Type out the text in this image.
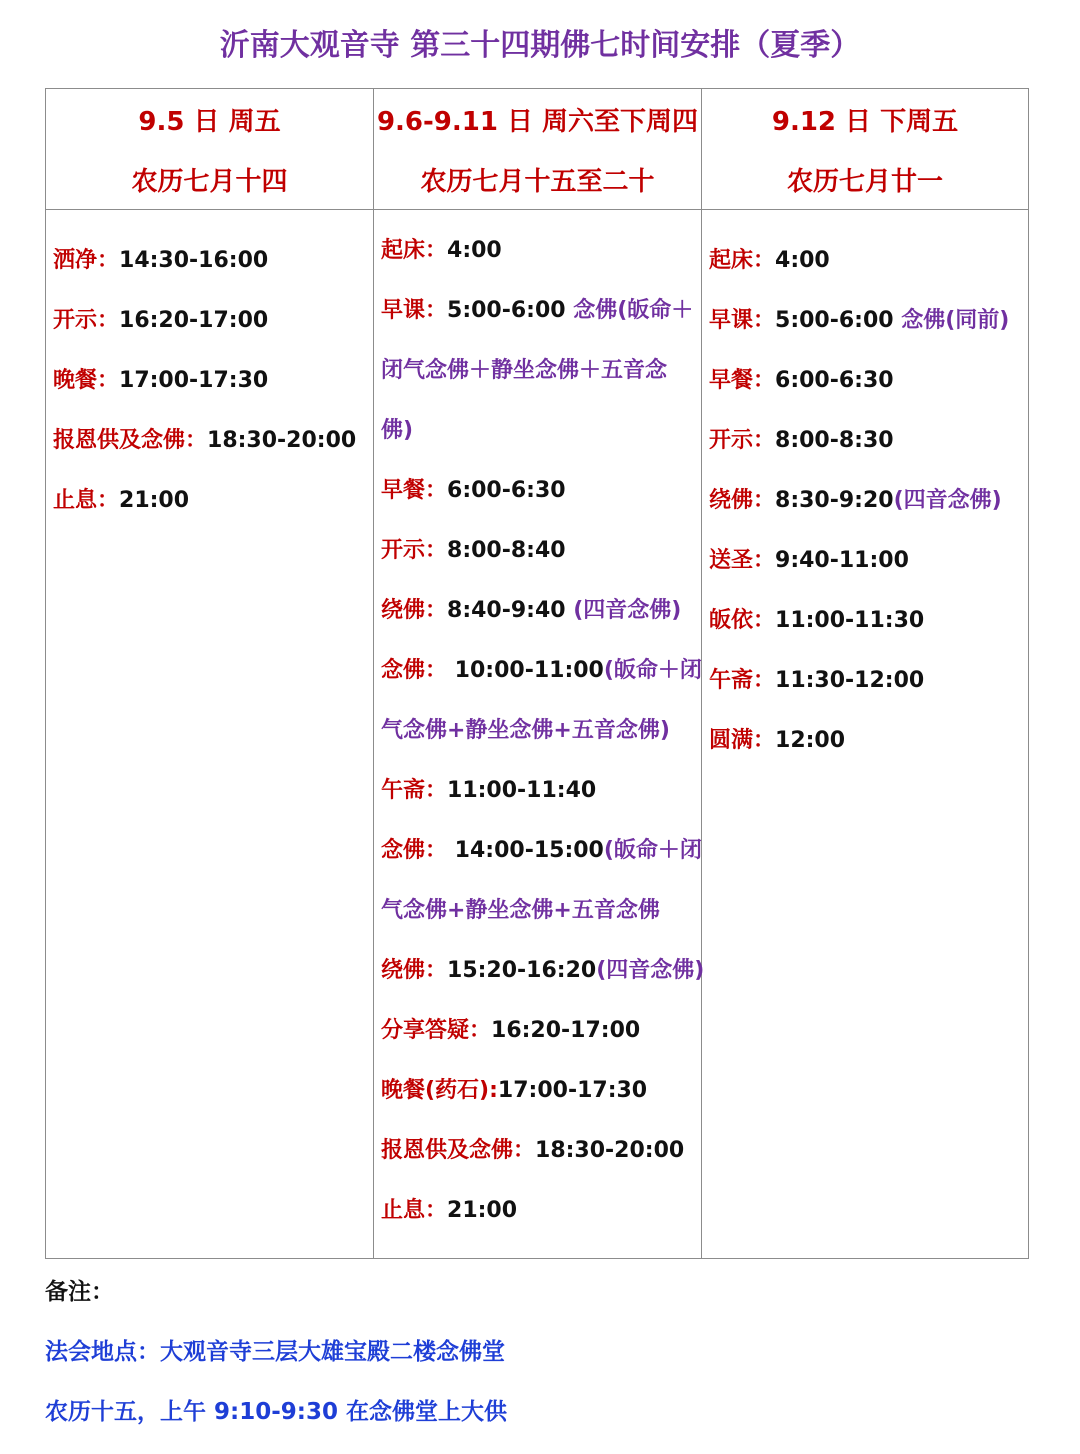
沂南大观音寺 第三十四期佛七时间安排（夏季）
9.5 日 周五
农历七月十四
9.6-9.11 日 周六至下周四
农历七月十五至二十
9.12 日 下周五
农历七月廿一
洒净：14:30-16:00
开示：16:20-17:00
晚餐：17:00-17:30
报恩供及念佛：18:30-20:00
止息：21:00
起床：4:00
早课：5:00-6:00 念佛(皈命＋
闭气念佛＋静坐念佛＋五音念
佛)
早餐：6:00-6:30
开示：8:00-8:40
绕佛：8:40-9:40 (四音念佛)
念佛： 10:00-11:00(皈命＋闭
气念佛+静坐念佛+五音念佛)
午斋：11:00-11:40
念佛： 14:00-15:00(皈命＋闭
气念佛+静坐念佛+五音念佛
绕佛：15:20-16:20(四音念佛)
分享答疑：16:20-17:00
晚餐(药石):17:00-17:30
报恩供及念佛：18:30-20:00
止息：21:00
起床：4:00
早课：5:00-6:00 念佛(同前)
早餐：6:00-6:30
开示：8:00-8:30
绕佛：8:30-9:20(四音念佛)
送圣：9:40-11:00
皈依：11:00-11:30
午斋：11:30-12:00
圆满：12:00
备注：
法会地点：大观音寺三层大雄宝殿二楼念佛堂
农历十五，上午 9:10-9:30 在念佛堂上大供
